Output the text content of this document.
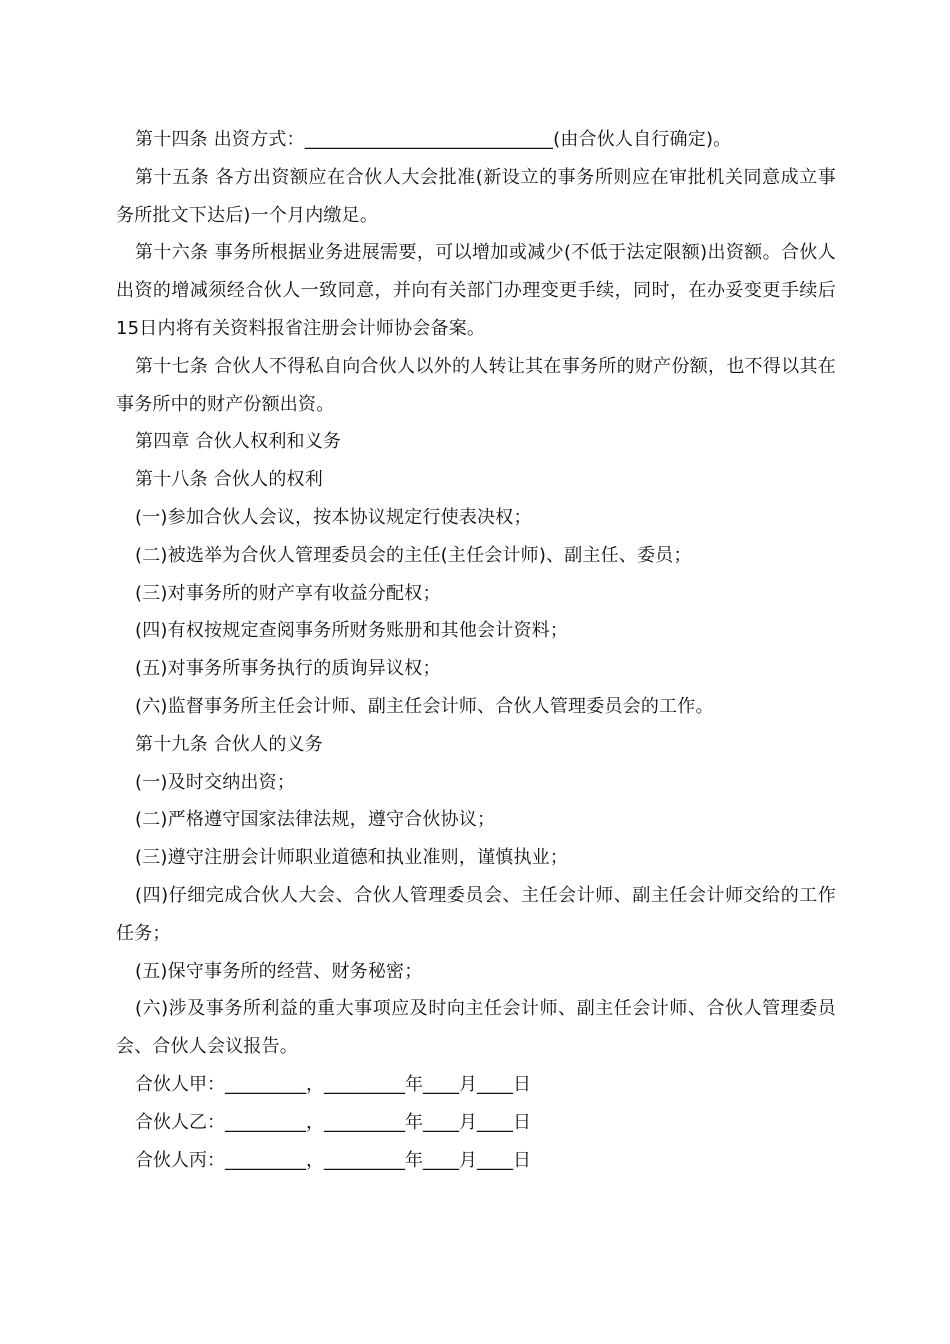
第十四条 出资方式：___________________________(由合伙人自行确定)。

第十五条 各方出资额应在合伙人大会批准(新设立的事务所则应在审批机关同意成立事务所批文下达后)一个月内缴足。

第十六条 事务所根据业务进展需要，可以增加或减少(不低于法定限额)出资额。合伙人出资的增减须经合伙人一致同意，并向有关部门办理变更手续，同时，在办妥变更手续后15日内将有关资料报省注册会计师协会备案。

第十七条 合伙人不得私自向合伙人以外的人转让其在事务所的财产份额，也不得以其在事务所中的财产份额出资。

第四章 合伙人权利和义务

第十八条 合伙人的权利

(一)参加合伙人会议，按本协议规定行使表决权；

(二)被选举为合伙人管理委员会的主任(主任会计师)、副主任、委员；

(三)对事务所的财产享有收益分配权；

(四)有权按规定查阅事务所财务账册和其他会计资料；

(五)对事务所事务执行的质询异议权；

(六)监督事务所主任会计师、副主任会计师、合伙人管理委员会的工作。

第十九条 合伙人的义务

(一)及时交纳出资；

(二)严格遵守国家法律法规，遵守合伙协议；

(三)遵守注册会计师职业道德和执业准则，谨慎执业；

(四)仔细完成合伙人大会、合伙人管理委员会、主任会计师、副主任会计师交给的工作任务；

(五)保守事务所的经营、财务秘密；

(六)涉及事务所利益的重大事项应及时向主任会计师、副主任会计师、合伙人管理委员会、合伙人会议报告。

合伙人甲：_________，_________年____月____日

合伙人乙：_________，_________年____月____日

合伙人丙：_________，_________年____月____日
